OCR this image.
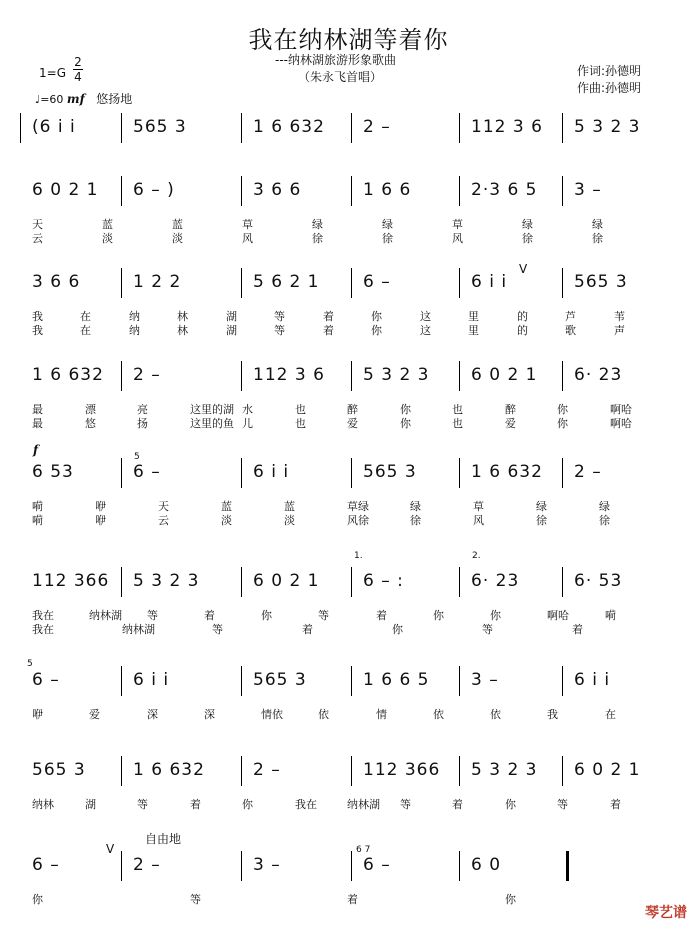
我在纳林湖等着你
---纳林湖旅游形象歌曲
（朱永飞首唱）	作词:孙德明
作曲:孙德明
1=G
2
4
♩=60 mf 悠扬地
(6 i i	565 3	1 6 632 2 –	112 3 6 5 3 2 3
6 0 2 1 6 – )	3 6 6	1 6 6	2·3 6 5 3 –
天	蓝	蓝	草	绿	绿	草	绿	绿
云	淡	淡	风	徐	徐	风	徐	徐
3 6 6	1 2 2	5 6 2 1	6 –	6 i i	565 3
我	在	纳	林	湖	等	着	你	这	里	的	芦	苇
我	在	纳	林	湖	等	着	你	这	里	的	歌	声
1 6 632 2 –	112 3 6 5 3 2 3 6 0 2 1 6· 23
最	漂	亮	这里的湖 水	也	醉	你	也	醉	你	啊哈
最	悠	扬	这里的鱼 儿	也	爱	你	也	爱	你	啊哈
6 53	6 –	6 i i	565 3	1 6 632 2 –
嗬	咿	天	蓝	蓝	草绿	绿	草	绿	绿
嗬	咿	云	淡	淡	风徐	徐	风	徐	徐
112 366 5 3 2 3	6 0 2 1	6 – :	6· 23	6· 53
我在	纳林湖 等	着	你	等	着	你	你	啊哈	嗬
我在	纳林湖	等	着	你	等	着
6 –	6 i i	565 3	1 6 6 5 3 –	6 i i
咿	爱	深	深	情依	依	情	依	依	我	在
565 3	1 6 632	2 –	112 366 5 3 2 3 6 0 2 1
纳林	湖	等	着	你	我在	纳林湖 等	着	你	等	着
6 –	2 –	3 –	6 –	6 0
你	等	着	你
1.	2.
V
V
自由地
f	5
5
6 7
琴艺谱
